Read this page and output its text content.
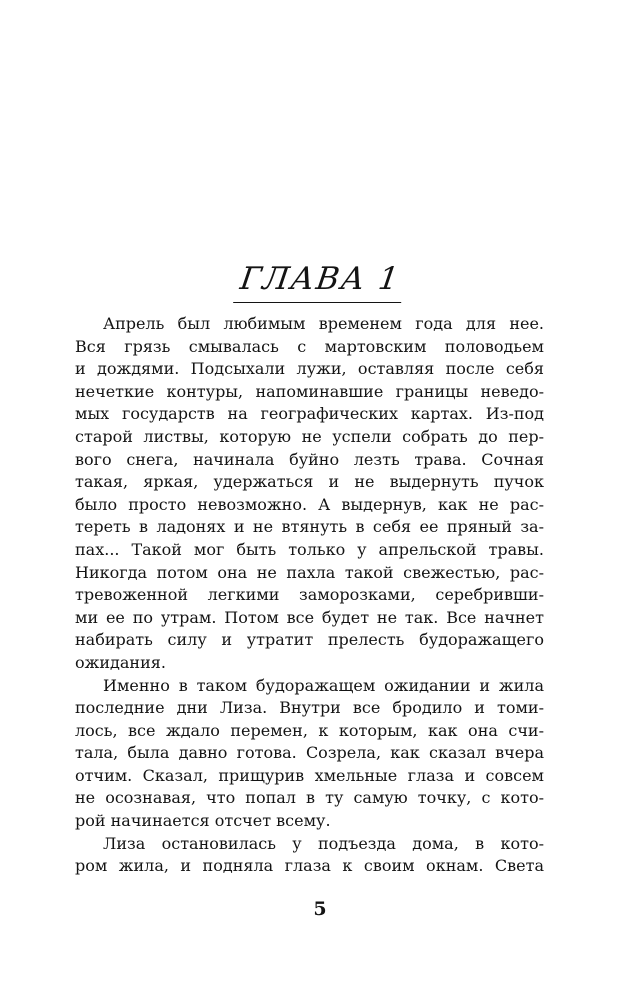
ГЛАВА 1
Апрель был любимым временем года для нее.
Вся грязь смывалась с мартовским половодьем
и дождями. Подсыхали лужи, оставляя после себя
нечеткие контуры, напоминавшие границы неведо-
мых государств на географических картах. Из-под
старой листвы, которую не успели собрать до пер-
вого снега, начинала буйно лезть трава. Сочная
такая, яркая, удержаться и не выдернуть пучок
было просто невозможно. А выдернув, как не рас-
тереть в ладонях и не втянуть в себя ее пряный за-
пах... Такой мог быть только у апрельской травы.
Никогда потом она не пахла такой свежестью, рас-
тревоженной легкими заморозками, серебривши-
ми ее по утрам. Потом все будет не так. Все начнет
набирать силу и утратит прелесть будоражащего
ожидания.
Именно в таком будоражащем ожидании и жила
последние дни Лиза. Внутри все бродило и томи-
лось, все ждало перемен, к которым, как она счи-
тала, была давно готова. Созрела, как сказал вчера
отчим. Сказал, прищурив хмельные глаза и совсем
не осознавая, что попал в ту самую точку, с кото-
рой начинается отсчет всему.
Лиза остановилась у подъезда дома, в кото-
ром жила, и подняла глаза к своим окнам. Света
5
